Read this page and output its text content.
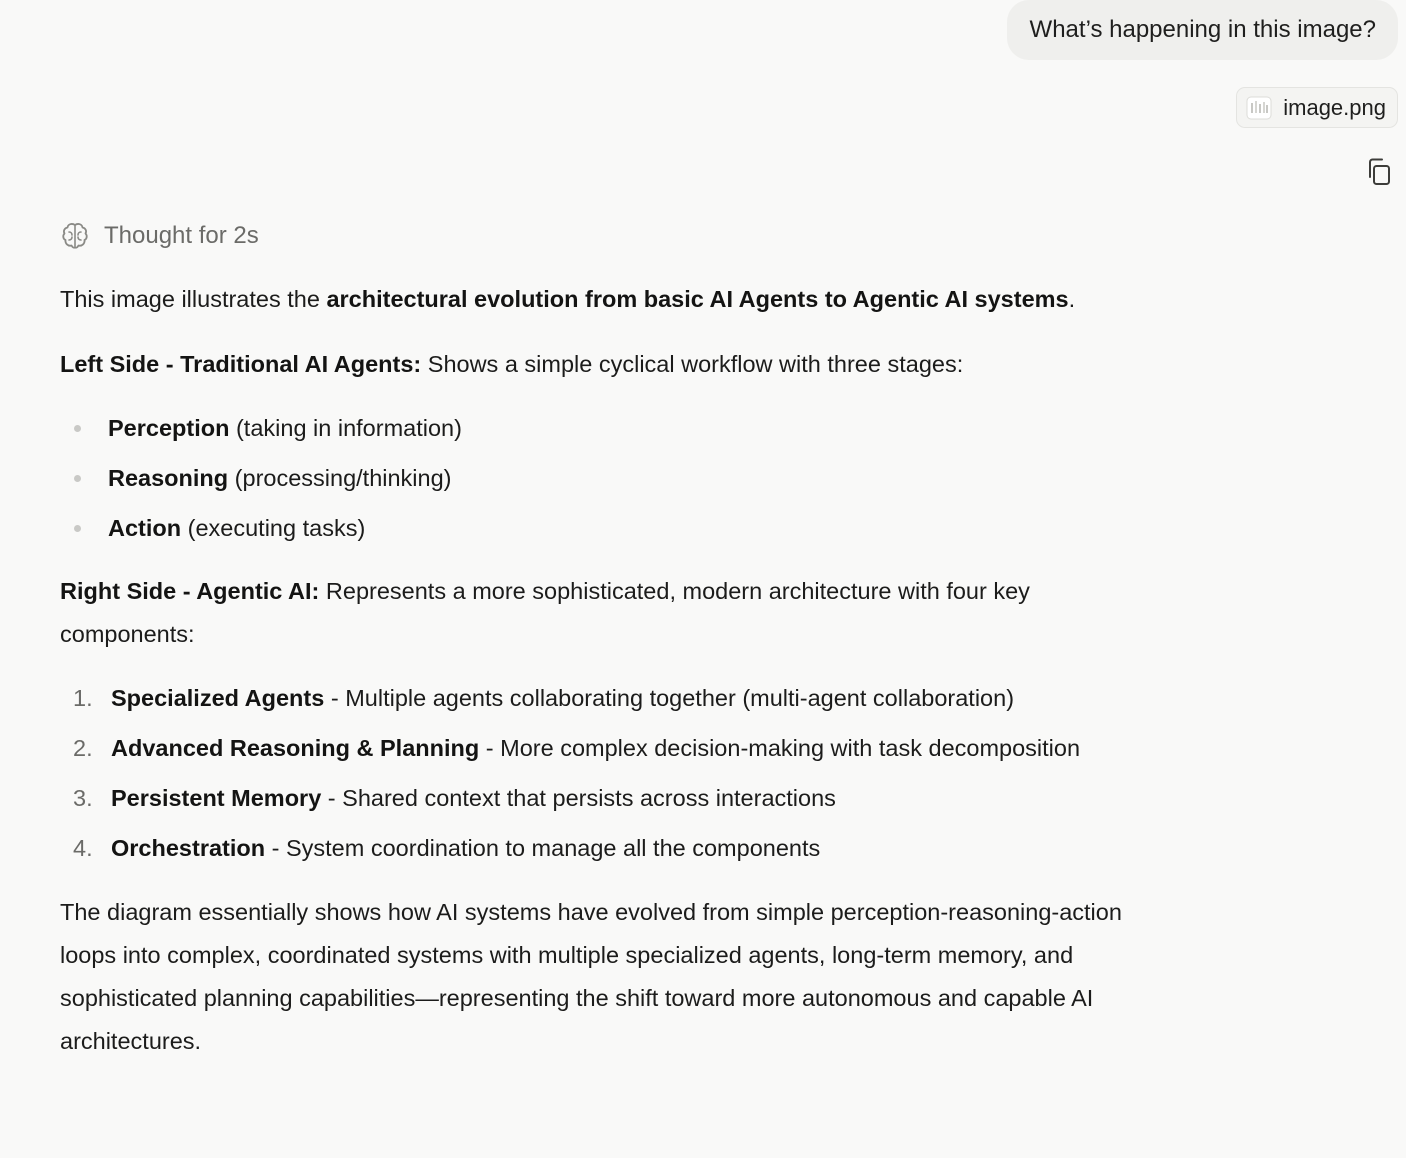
What’s happening in this image?
image.png
Thought for 2s

This image illustrates the architectural evolution from basic AI Agents to Agentic AI systems.

Left Side - Traditional AI Agents: Shows a simple cyclical workflow with three stages:

Perception (taking in information)
Reasoning (processing/thinking)
Action (executing tasks)

Right Side - Agentic AI: Represents a more sophisticated, modern architecture with four key components:

1. Specialized Agents - Multiple agents collaborating together (multi-agent collaboration)
2. Advanced Reasoning & Planning - More complex decision-making with task decomposition
3. Persistent Memory - Shared context that persists across interactions
4. Orchestration - System coordination to manage all the components

The diagram essentially shows how AI systems have evolved from simple perception-reasoning-action loops into complex, coordinated systems with multiple specialized agents, long-term memory, and sophisticated planning capabilities—representing the shift toward more autonomous and capable AI architectures.
